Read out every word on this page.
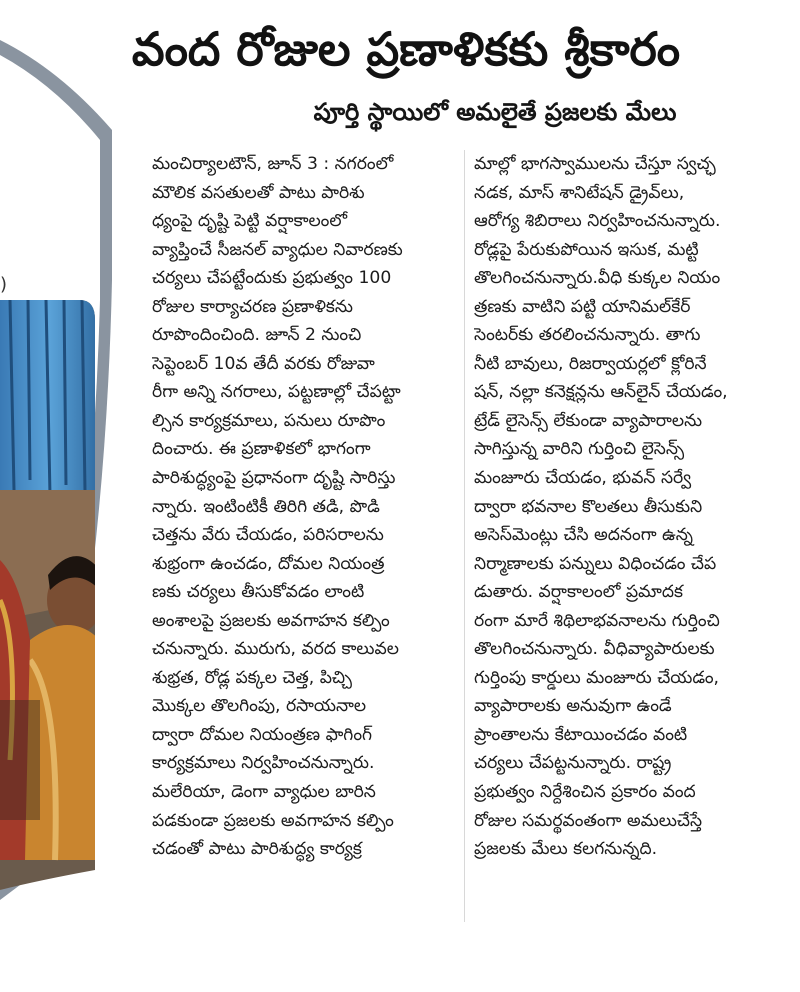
)
వంద రోజుల ప్రణాళికకు శ్రీకారం
పూర్తి స్థాయిలో అమలైతే ప్రజలకు మేలు
మంచిర్యాలటౌన్, జూన్ 3 : నగరంలో
మౌలిక వసతులతో పాటు పారిశు
ధ్యంపై దృష్టి పెట్టి వర్షాకాలంలో
వ్యాప్తించే సీజనల్ వ్యాధుల నివారణకు
చర్యలు చేపట్టేందుకు ప్రభుత్వం 100
రోజుల కార్యాచరణ ప్రణాళికను
రూపొందించింది. జూన్ 2 నుంచి
సెప్టెంబర్ 10వ తేదీ వరకు రోజువా
రీగా అన్ని నగరాలు, పట్టణాల్లో చేపట్టా
ల్సిన కార్యక్రమాలు, పనులు రూపొం
దించారు. ఈ ప్రణాళికలో భాగంగా
పారిశుద్ధ్యంపై ప్రధానంగా దృష్టి సారిస్తు
న్నారు. ఇంటింటికీ తిరిగి తడి, పొడి
చెత్తను వేరు చేయడం, పరిసరాలను
శుభ్రంగా ఉంచడం, దోమల నియంత్ర
ణకు చర్యలు తీసుకోవడం లాంటి
అంశాలపై ప్రజలకు అవగాహన కల్పిం
చనున్నారు. మురుగు, వరద కాలువల
శుభ్రత, రోడ్ల పక్కల చెత్త, పిచ్చి
మొక్కల తొలగింపు, రసాయనాల
ద్వారా దోమల నియంత్రణ ఫాగింగ్
కార్యక్రమాలు నిర్వహించనున్నారు.
మలేరియా, డెంగా వ్యాధుల బారిన
పడకుండా ప్రజలకు అవగాహన కల్పిం
చడంతో పాటు పారిశుద్ధ్య కార్యక్ర
మాల్లో భాగస్వాములను చేస్తూ స్వచ్ఛ
నడక, మాస్ శానిటేషన్ డ్రైవ్‌లు,
ఆరోగ్య శిబిరాలు నిర్వహించనున్నారు.
రోడ్లపై పేరుకుపోయిన ఇసుక, మట్టి
తొలగించనున్నారు.వీధి కుక్కల నియం
త్రణకు వాటిని పట్టి యానిమల్‌కేర్
సెంటర్‌కు తరలించనున్నారు. తాగు
నీటి బావులు, రిజర్వాయర్లలో క్లోరినే
షన్, నల్లా కనెక్షన్లను ఆన్‌లైన్ చేయడం,
ట్రేడ్ లైసెన్స్ లేకుండా వ్యాపారాలను
సాగిస్తున్న వారిని గుర్తించి లైసెన్స్
మంజూరు చేయడం, భువన్ సర్వే
ద్వారా భవనాల కొలతలు తీసుకుని
అసెస్‌మెంట్లు చేసి అదనంగా ఉన్న
నిర్మాణాలకు పన్నులు విధించడం చేప
డుతారు. వర్షాకాలంలో ప్రమాదక
రంగా మారే శిథిలాభవనాలను గుర్తించి
తొలగించనున్నారు. వీధివ్యాపారులకు
గుర్తింపు కార్డులు మంజూరు చేయడం,
వ్యాపారాలకు అనువుగా ఉండే
ప్రాంతాలను కేటాయించడం వంటి
చర్యలు చేపట్టనున్నారు. రాష్ట్ర
ప్రభుత్వం నిర్దేశించిన ప్రకారం వంద
రోజుల సమర్థవంతంగా అమలుచేస్తే
ప్రజలకు మేలు కలగనున్నది.
